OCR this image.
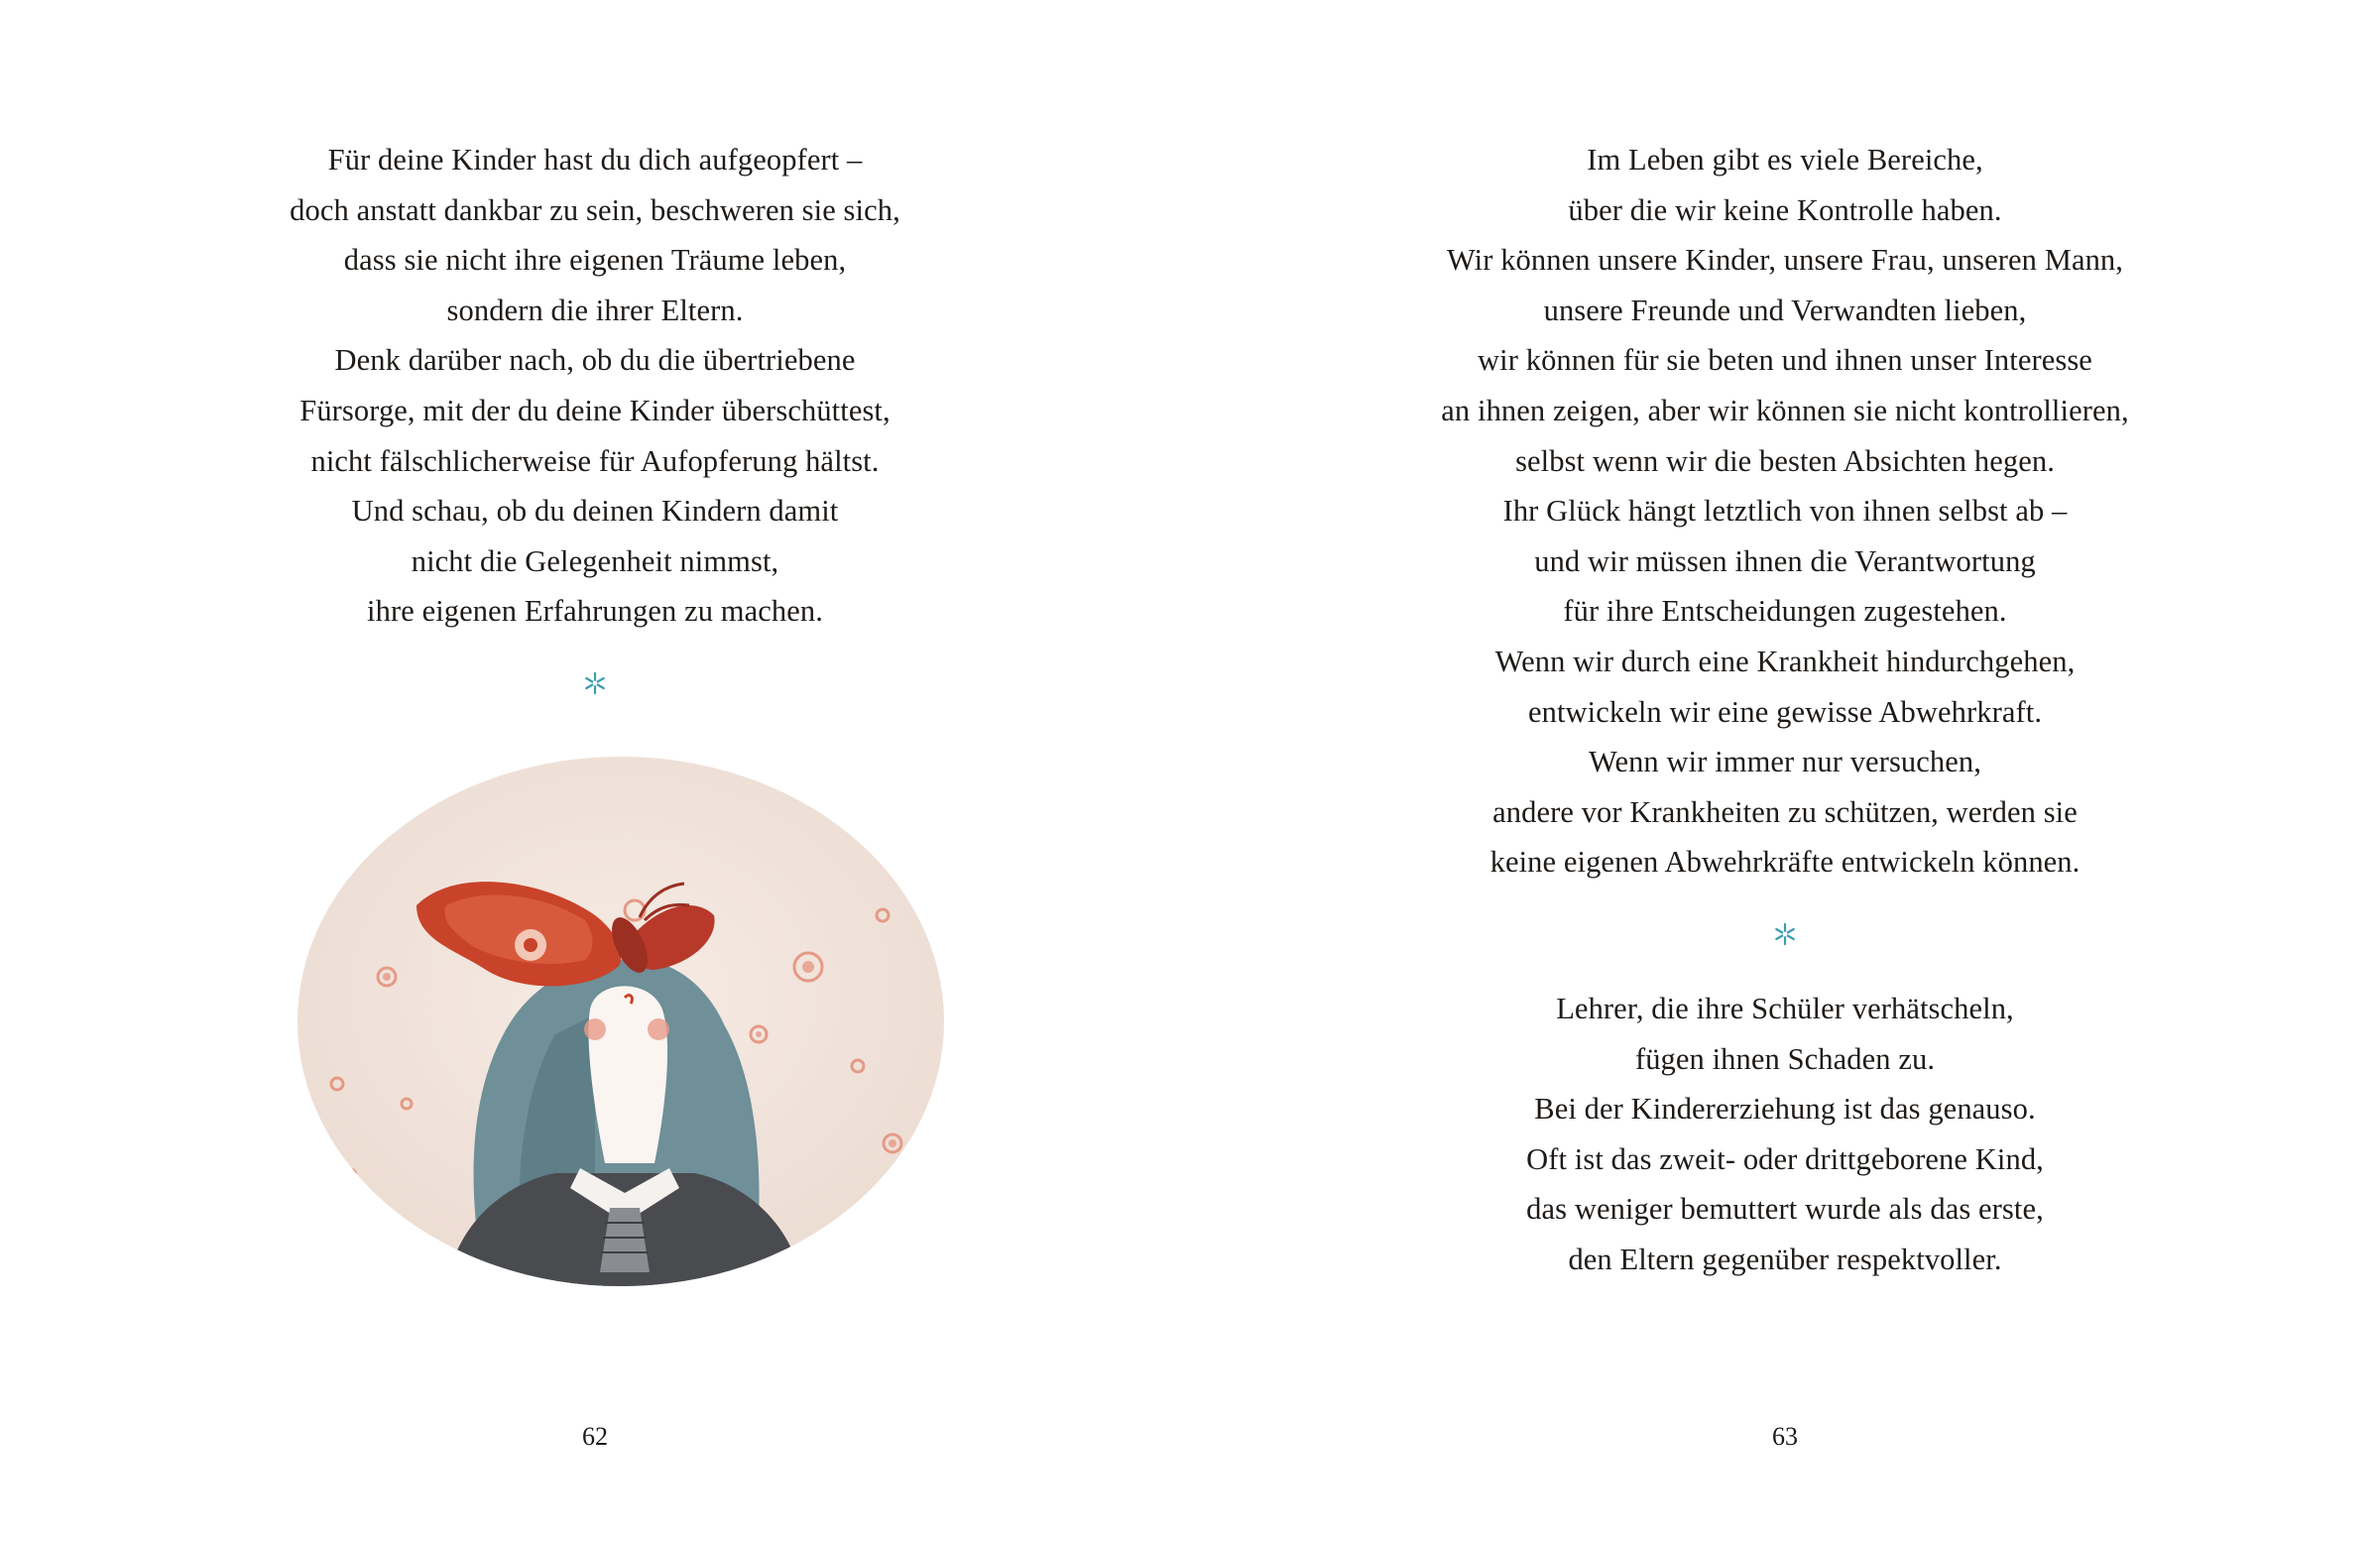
Für deine Kinder hast du dich aufgeopfert –
doch anstatt dankbar zu sein, beschweren sie sich,
dass sie nicht ihre eigenen Träume leben,
sondern die ihrer Eltern.
Denk darüber nach, ob du die übertriebene
Fürsorge, mit der du deine Kinder überschüttest,
nicht fälschlicherweise für Aufopferung hältst.
Und schau, ob du deinen Kindern damit
nicht die Gelegenheit nimmst,
ihre eigenen Erfahrungen zu machen.

62

Im Leben gibt es viele Bereiche,
über die wir keine Kontrolle haben.
Wir können unsere Kinder, unsere Frau, unseren Mann,
unsere Freunde und Verwandten lieben,
wir können für sie beten und ihnen unser Interesse
an ihnen zeigen, aber wir können sie nicht kontrollieren,
selbst wenn wir die besten Absichten hegen.
Ihr Glück hängt letztlich von ihnen selbst ab –
und wir müssen ihnen die Verantwortung
für ihre Entscheidungen zugestehen.
Wenn wir durch eine Krankheit hindurchgehen,
entwickeln wir eine gewisse Abwehrkraft.
Wenn wir immer nur versuchen,
andere vor Krankheiten zu schützen, werden sie
keine eigenen Abwehrkräfte entwickeln können.

Lehrer, die ihre Schüler verhätscheln,
fügen ihnen Schaden zu.
Bei der Kindererziehung ist das genauso.
Oft ist das zweit- oder drittgeborene Kind,
das weniger bemuttert wurde als das erste,
den Eltern gegenüber respektvoller.

63
